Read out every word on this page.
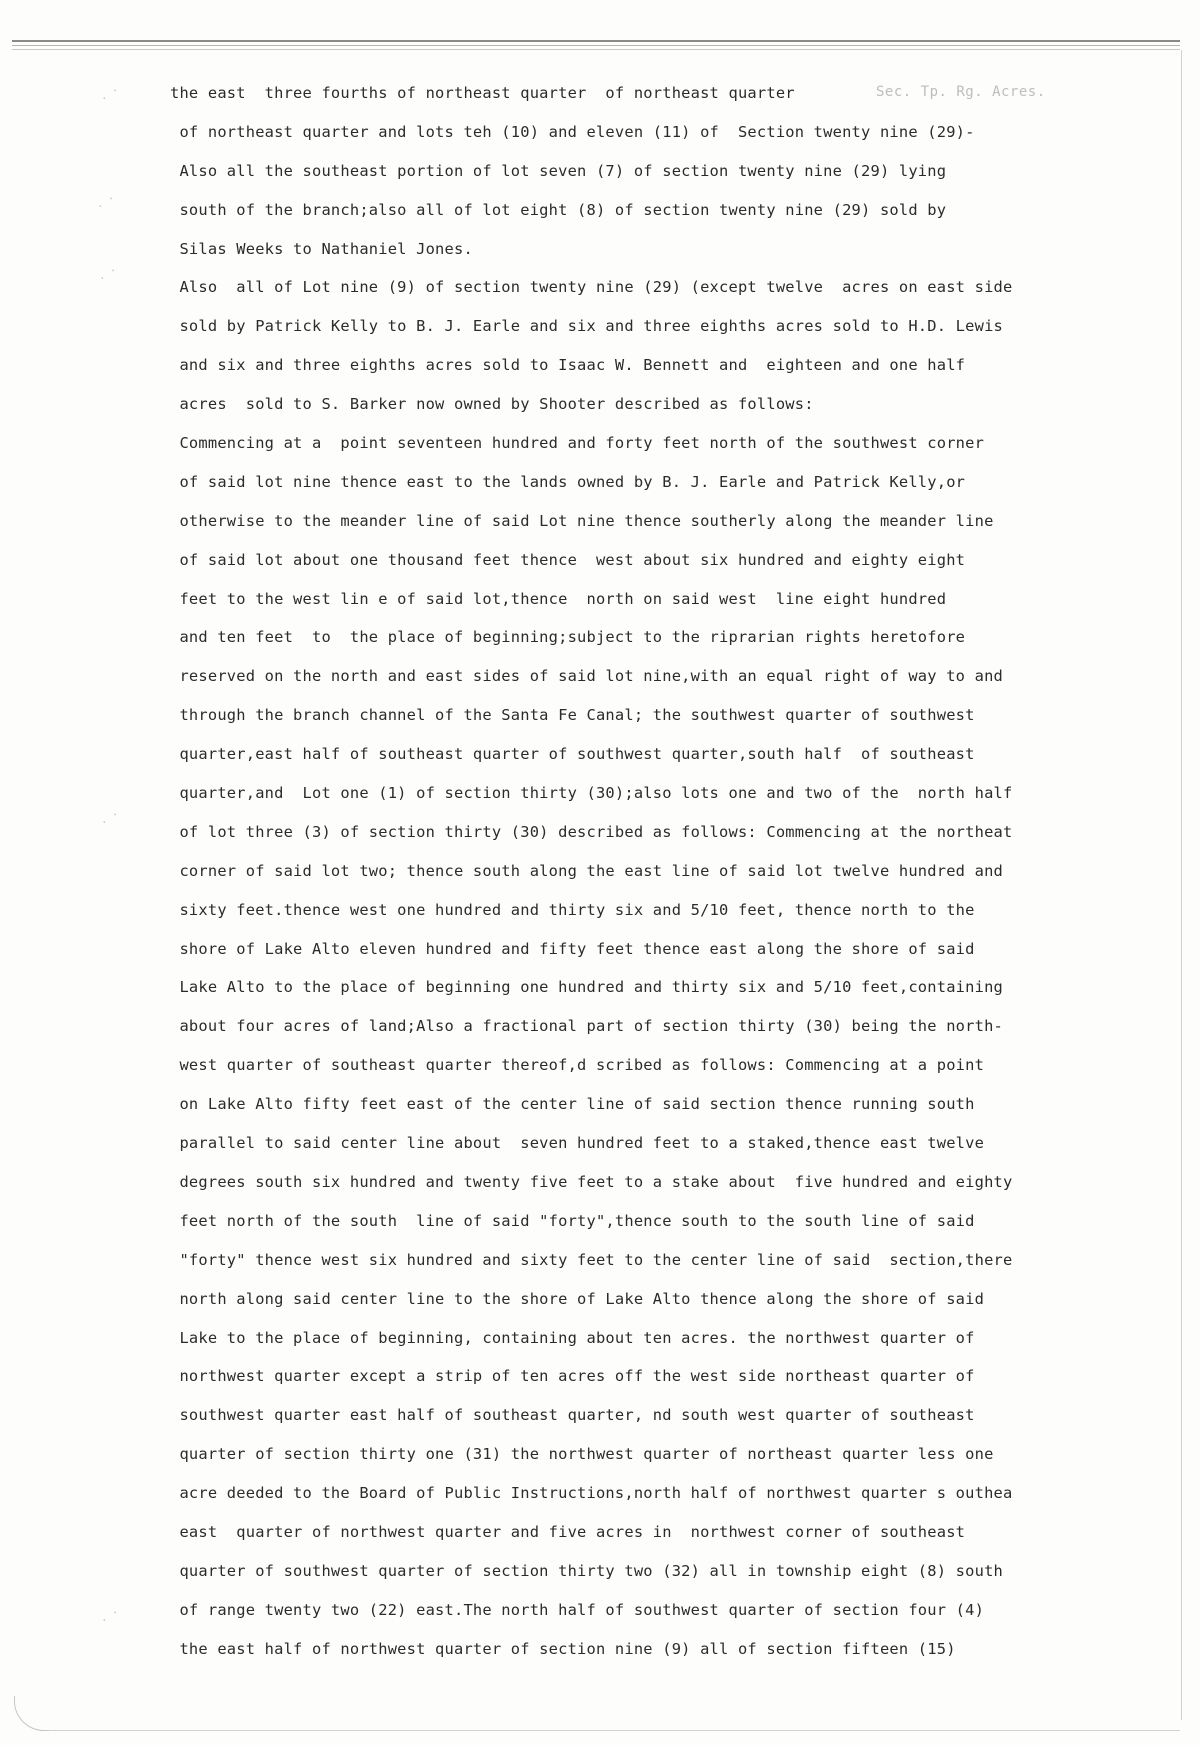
· ·
· ·
· ·
· ·
· ·
Sec. Tp. Rg. Acres.
the east  three fourths of northeast quarter  of northeast quarter
of northeast quarter and lots teh (10) and eleven (11) of  Section twenty nine (29)-
Also all the southeast portion of lot seven (7) of section twenty nine (29) lying
south of the branch;also all of lot eight (8) of section twenty nine (29) sold by
Silas Weeks to Nathaniel Jones.
Also  all of Lot nine (9) of section twenty nine (29) (except twelve  acres on east side
sold by Patrick Kelly to B. J. Earle and six and three eighths acres sold to H.D. Lewis
and six and three eighths acres sold to Isaac W. Bennett and  eighteen and one half
acres  sold to S. Barker now owned by Shooter described as follows:
Commencing at a  point seventeen hundred and forty feet north of the southwest corner
of said lot nine thence east to the lands owned by B. J. Earle and Patrick Kelly,or
otherwise to the meander line of said Lot nine thence southerly along the meander line
of said lot about one thousand feet thence  west about six hundred and eighty eight
feet to the west lin e of said lot,thence  north on said west  line eight hundred
and ten feet  to  the place of beginning;subject to the riprarian rights heretofore
reserved on the north and east sides of said lot nine,with an equal right of way to and
through the branch channel of the Santa Fe Canal; the southwest quarter of southwest
quarter,east half of southeast quarter of southwest quarter,south half  of southeast
quarter,and  Lot one (1) of section thirty (30);also lots one and two of the  north half
of lot three (3) of section thirty (30) described as follows: Commencing at the northeat
corner of said lot two; thence south along the east line of said lot twelve hundred and
sixty feet.thence west one hundred and thirty six and 5/10 feet, thence north to the
shore of Lake Alto eleven hundred and fifty feet thence east along the shore of said
Lake Alto to the place of beginning one hundred and thirty six and 5/10 feet,containing
about four acres of land;Also a fractional part of section thirty (30) being the north-
west quarter of southeast quarter thereof,d scribed as follows: Commencing at a point
on Lake Alto fifty feet east of the center line of said section thence running south
parallel to said center line about  seven hundred feet to a staked,thence east twelve
degrees south six hundred and twenty five feet to a stake about  five hundred and eighty
feet north of the south  line of said "forty",thence south to the south line of said
"forty" thence west six hundred and sixty feet to the center line of said  section,there
north along said center line to the shore of Lake Alto thence along the shore of said
Lake to the place of beginning, containing about ten acres. the northwest quarter of
northwest quarter except a strip of ten acres off the west side northeast quarter of
southwest quarter east half of southeast quarter, nd south west quarter of southeast
quarter of section thirty one (31) the northwest quarter of northeast quarter less one
acre deeded to the Board of Public Instructions,north half of northwest quarter s outhea
east  quarter of northwest quarter and five acres in  northwest corner of southeast
quarter of southwest quarter of section thirty two (32) all in township eight (8) south
of range twenty two (22) east.The north half of southwest quarter of section four (4)
the east half of northwest quarter of section nine (9) all of section fifteen (15)
